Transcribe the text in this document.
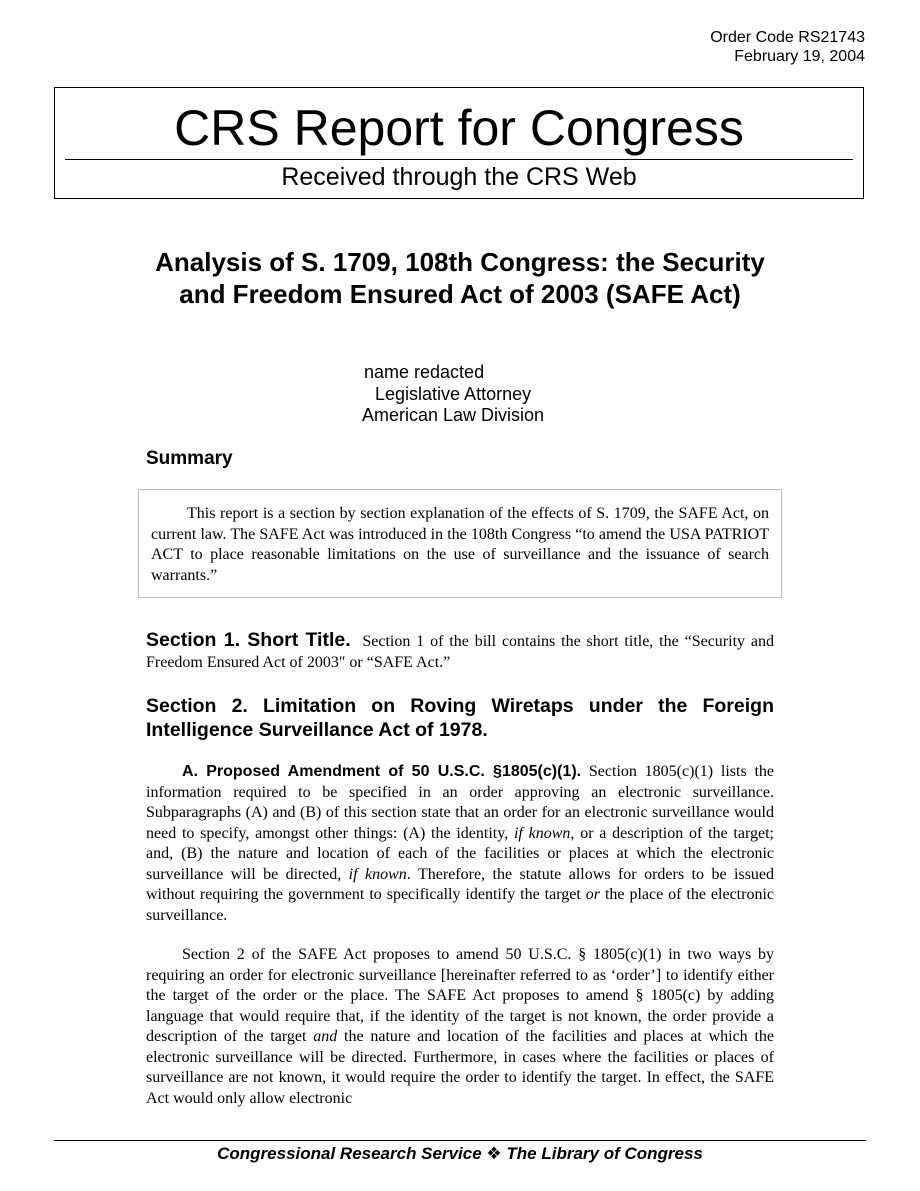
Order Code RS21743
February 19, 2004
CRS Report for Congress
Received through the CRS Web
Analysis of S. 1709, 108th Congress: the Security and Freedom Ensured Act of 2003 (SAFE Act)
name redacted
Legislative Attorney
American Law Division
Summary
This report is a section by section explanation of the effects of S. 1709, the SAFE Act, on current law. The SAFE Act was introduced in the 108th Congress “to amend the USA PATRIOT ACT to place reasonable limitations on the use of surveillance and the issuance of search warrants.”
Section 1. Short Title. Section 1 of the bill contains the short title, the “Security and Freedom Ensured Act of 2003" or “SAFE Act.”
Section 2. Limitation on Roving Wiretaps under the Foreign Intelligence Surveillance Act of 1978.
A. Proposed Amendment of 50 U.S.C. §1805(c)(1). Section 1805(c)(1) lists the information required to be specified in an order approving an electronic surveillance. Subparagraphs (A) and (B) of this section state that an order for an electronic surveillance would need to specify, amongst other things: (A) the identity, if known, or a description of the target; and, (B) the nature and location of each of the facilities or places at which the electronic surveillance will be directed, if known. Therefore, the statute allows for orders to be issued without requiring the government to specifically identify the target or the place of the electronic surveillance.
Section 2 of the SAFE Act proposes to amend 50 U.S.C. § 1805(c)(1) in two ways by requiring an order for electronic surveillance [hereinafter referred to as ‘order’] to identify either the target of the order or the place. The SAFE Act proposes to amend § 1805(c) by adding language that would require that, if the identity of the target is not known, the order provide a description of the target and the nature and location of the facilities and places at which the electronic surveillance will be directed. Furthermore, in cases where the facilities or places of surveillance are not known, it would require the order to identify the target. In effect, the SAFE Act would only allow electronic
Congressional Research Service ❖ The Library of Congress
